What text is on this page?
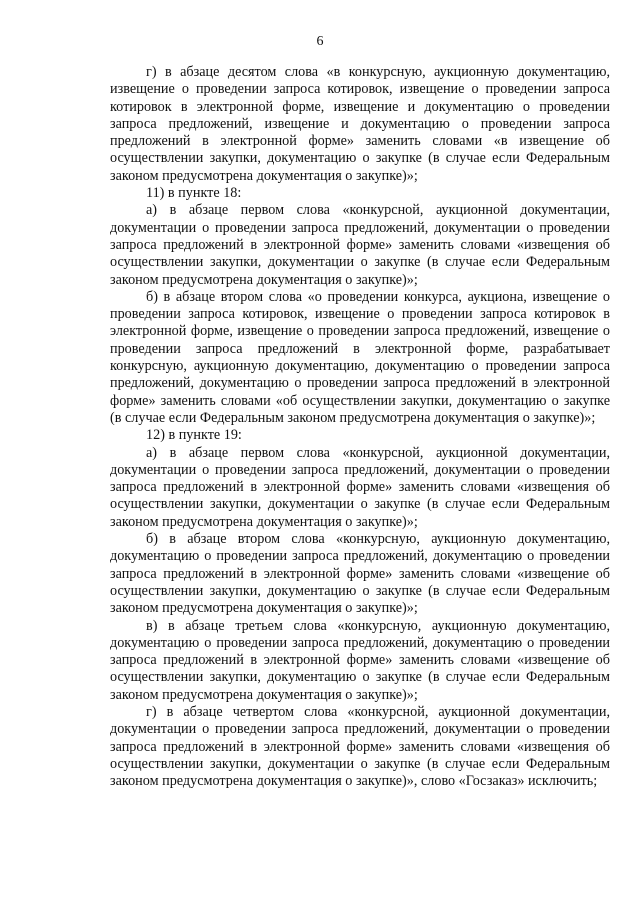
6

г) в абзаце десятом слова «в конкурсную, аукционную документацию, извещение о проведении запроса котировок, извещение о проведении запроса котировок в электронной форме, извещение и документацию о проведении запроса предложений, извещение и документацию о проведении запроса предложений в электронной форме» заменить словами «в извещение об осуществлении закупки, документацию о закупке (в случае если Федеральным законом предусмотрена документация о закупке)»;

11) в пункте 18:

а) в абзаце первом слова «конкурсной, аукционной документации, документации о проведении запроса предложений, документации о проведении запроса предложений в электронной форме» заменить словами «извещения об осуществлении закупки, документации о закупке (в случае если Федеральным законом предусмотрена документация о закупке)»;

б) в абзаце втором слова «о проведении конкурса, аукциона, извещение о проведении запроса котировок, извещение о проведении запроса котировок в электронной форме, извещение о проведении запроса предложений, извещение о проведении запроса предложений в электронной форме, разрабатывает конкурсную, аукционную документацию, документацию о проведении запроса предложений, документацию о проведении запроса предложений в электронной форме» заменить словами «об осуществлении закупки, документацию о закупке (в случае если Федеральным законом предусмотрена документация о закупке)»;

12) в пункте 19:

а) в абзаце первом слова «конкурсной, аукционной документации, документации о проведении запроса предложений, документации о проведении запроса предложений в электронной форме» заменить словами «извещения об осуществлении закупки, документации о закупке (в случае если Федеральным законом предусмотрена документация о закупке)»;

б) в абзаце втором слова «конкурсную, аукционную документацию, документацию о проведении запроса предложений, документацию о проведении запроса предложений в электронной форме» заменить словами «извещение об осуществлении закупки, документацию о закупке (в случае если Федеральным законом предусмотрена документация о закупке)»;

в) в абзаце третьем слова «конкурсную, аукционную документацию, документацию о проведении запроса предложений, документацию о проведении запроса предложений в электронной форме» заменить словами «извещение об осуществлении закупки, документацию о закупке (в случае если Федеральным законом предусмотрена документация о закупке)»;

г) в абзаце четвертом слова «конкурсной, аукционной документации, документации о проведении запроса предложений, документации о проведении запроса предложений в электронной форме» заменить словами «извещения об осуществлении закупки, документации о закупке (в случае если Федеральным законом предусмотрена документация о закупке)», слово «Госзаказ» исключить;
